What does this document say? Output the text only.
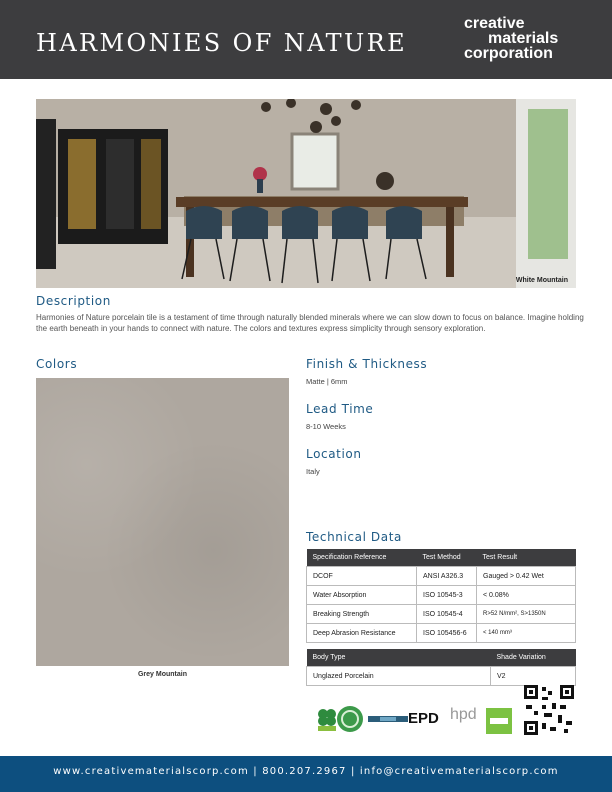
HARMONIES OF NATURE
creative
materials
corporation
White Mountain
Description
Harmonies of Nature porcelain tile is a testament of time through naturally blended minerals where we can slow down to focus on balance. Imagine holding the earth beneath in your hands to connect with nature. The colors and textures express simplicity through sensory exploration.
Colors
Grey Mountain
Finish & Thickness
Matte | 6mm
Lead Time
8-10 Weeks
Location
Italy
Technical Data
Specification Reference	Test Method	Test Result
DCOF	ANSI A326.3	Gauged > 0.42 Wet
Water Absorption	ISO 10545-3	< 0.08%
Breaking Strength	ISO 10545-4	R>52 N/mm², S>1350N
Deep Abrasion Resistance	ISO 105456-6	< 140 mm³
Body Type	Shade Variation
Unglazed Porcelain	V2
EPD hpd
www.creativematerialscorp.com | 800.207.2967 | info@creativematerialscorp.com
